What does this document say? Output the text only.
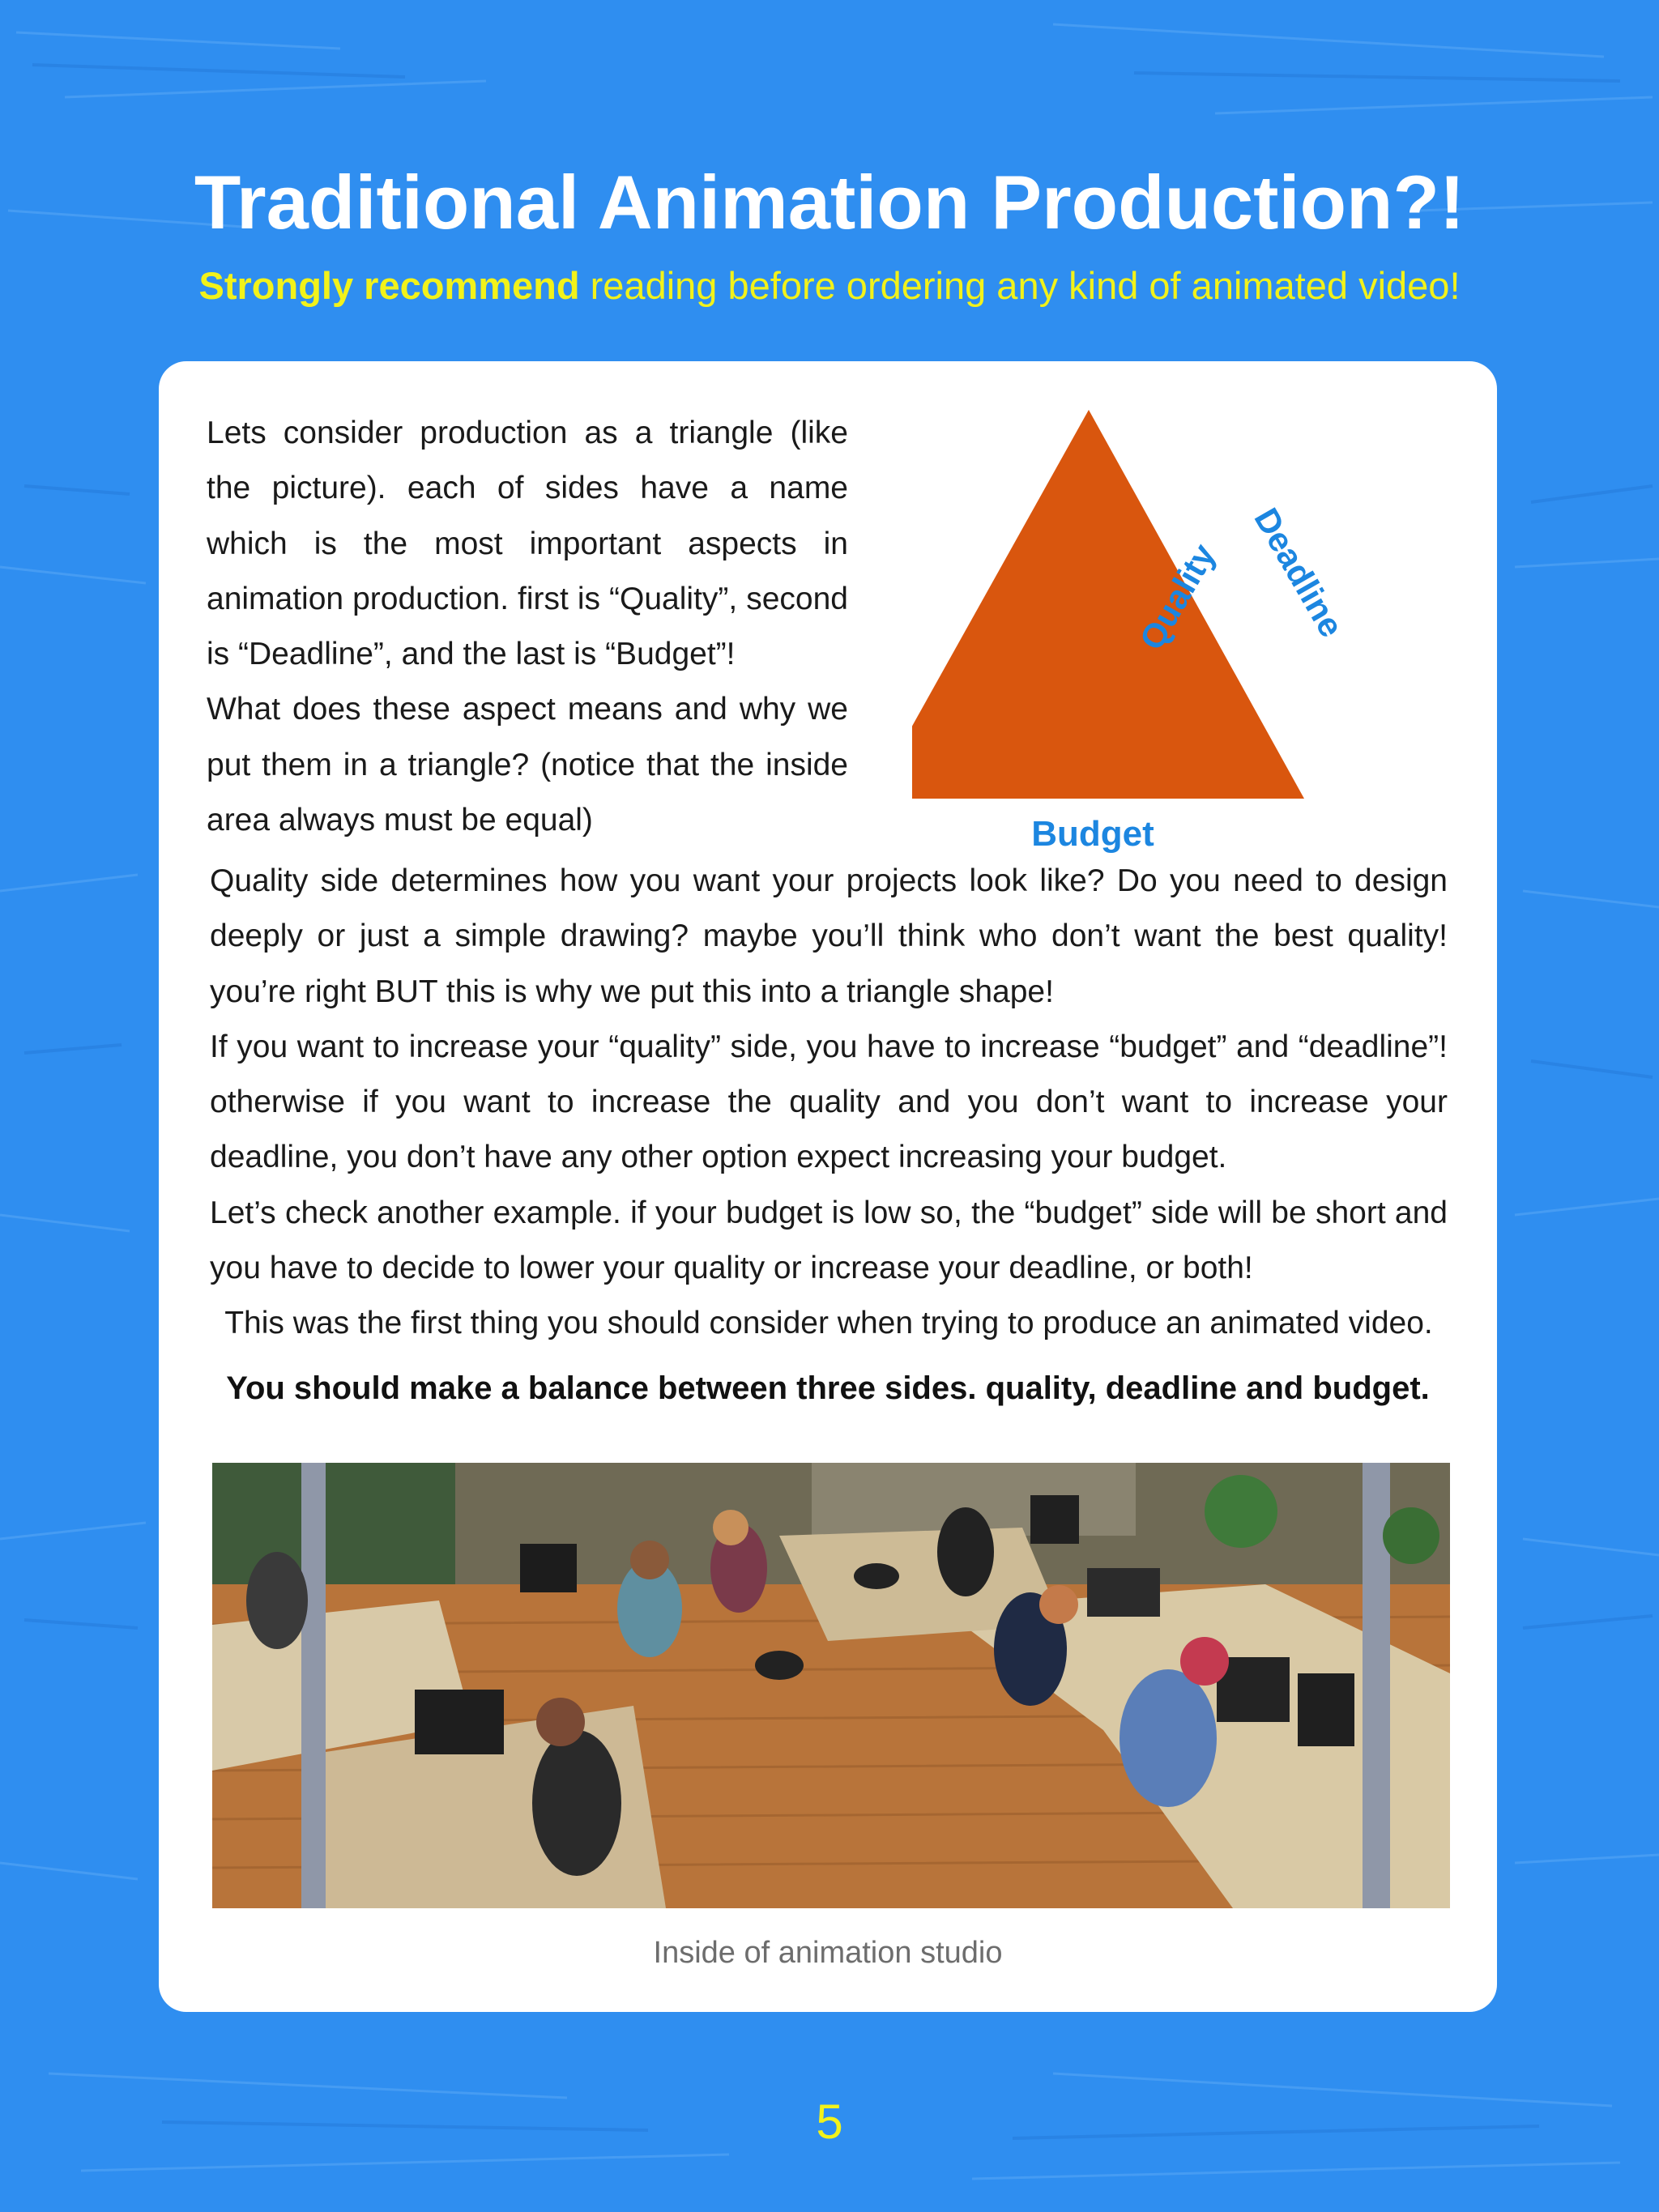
Traditional Animation Production?!
Strongly recommend reading before ordering any kind of animated video!

Lets consider production as a triangle (like the picture). each of sides have a name which is the most important aspects in animation production. first is “Quality”, second is “Deadline”, and the last is “Budget”!

What does these aspect means and why we put them in a triangle? (notice that the inside area always must be equal)

Quality Deadline
Budget

Quality side determines how you want your projects look like? Do you need to design deeply or just a simple drawing? maybe you’ll think who don’t want the best quality! you’re right BUT this is why we put this into a triangle shape!

If you want to increase your “quality” side, you have to increase “budget” and “deadline”! otherwise if you want to increase the quality and you don’t want to increase your deadline, you don’t have any other option expect increasing your budget.

Let’s check another example. if your budget is low so, the “budget” side will be short and you have to decide to lower your quality or increase your deadline, or both!

This was the first thing you should consider when trying to produce an animated video.

You should make a balance between three sides. quality, deadline and budget.
Inside of animation studio
5
